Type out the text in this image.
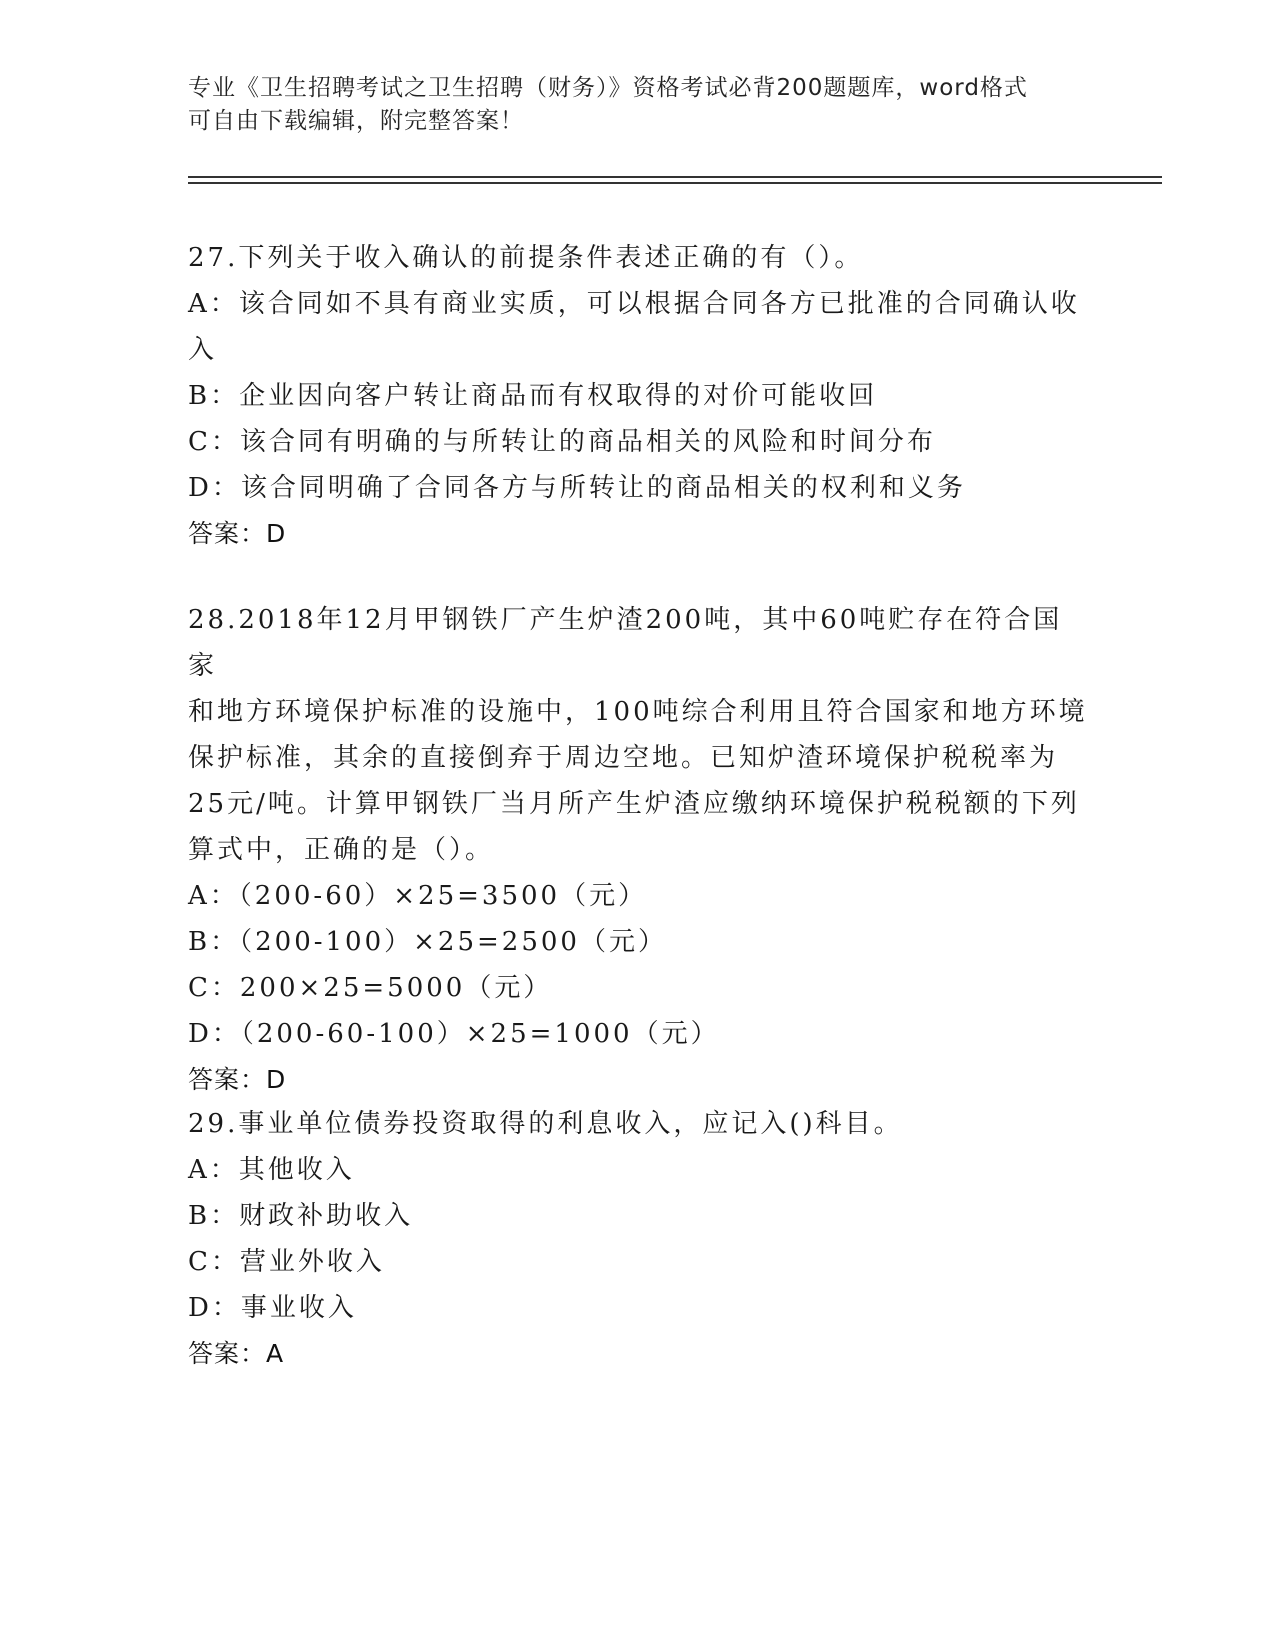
专业《卫生招聘考试之卫生招聘（财务）》资格考试必背200题题库，word格式
可自由下载编辑，附完整答案！
27.下列关于收入确认的前提条件表述正确的有（）。
A：该合同如不具有商业实质，可以根据合同各方已批准的合同确认收
入
B：企业因向客户转让商品而有权取得的对价可能收回
C：该合同有明确的与所转让的商品相关的风险和时间分布
D：该合同明确了合同各方与所转让的商品相关的权利和义务
答案：D
28.2018年12月甲钢铁厂产生炉渣200吨，其中60吨贮存在符合国家
和地方环境保护标准的设施中，100吨综合利用且符合国家和地方环境
保护标准，其余的直接倒弃于周边空地。已知炉渣环境保护税税率为
25元/吨。计算甲钢铁厂当月所产生炉渣应缴纳环境保护税税额的下列
算式中，正确的是（）。
A：（200-60）×25=3500（元）
B：（200-100）×25=2500（元）
C：200×25=5000（元）
D：（200-60-100）×25=1000（元）
答案：D
29.事业单位债券投资取得的利息收入，应记入()科目。
A：其他收入
B：财政补助收入
C：营业外收入
D：事业收入
答案：A
